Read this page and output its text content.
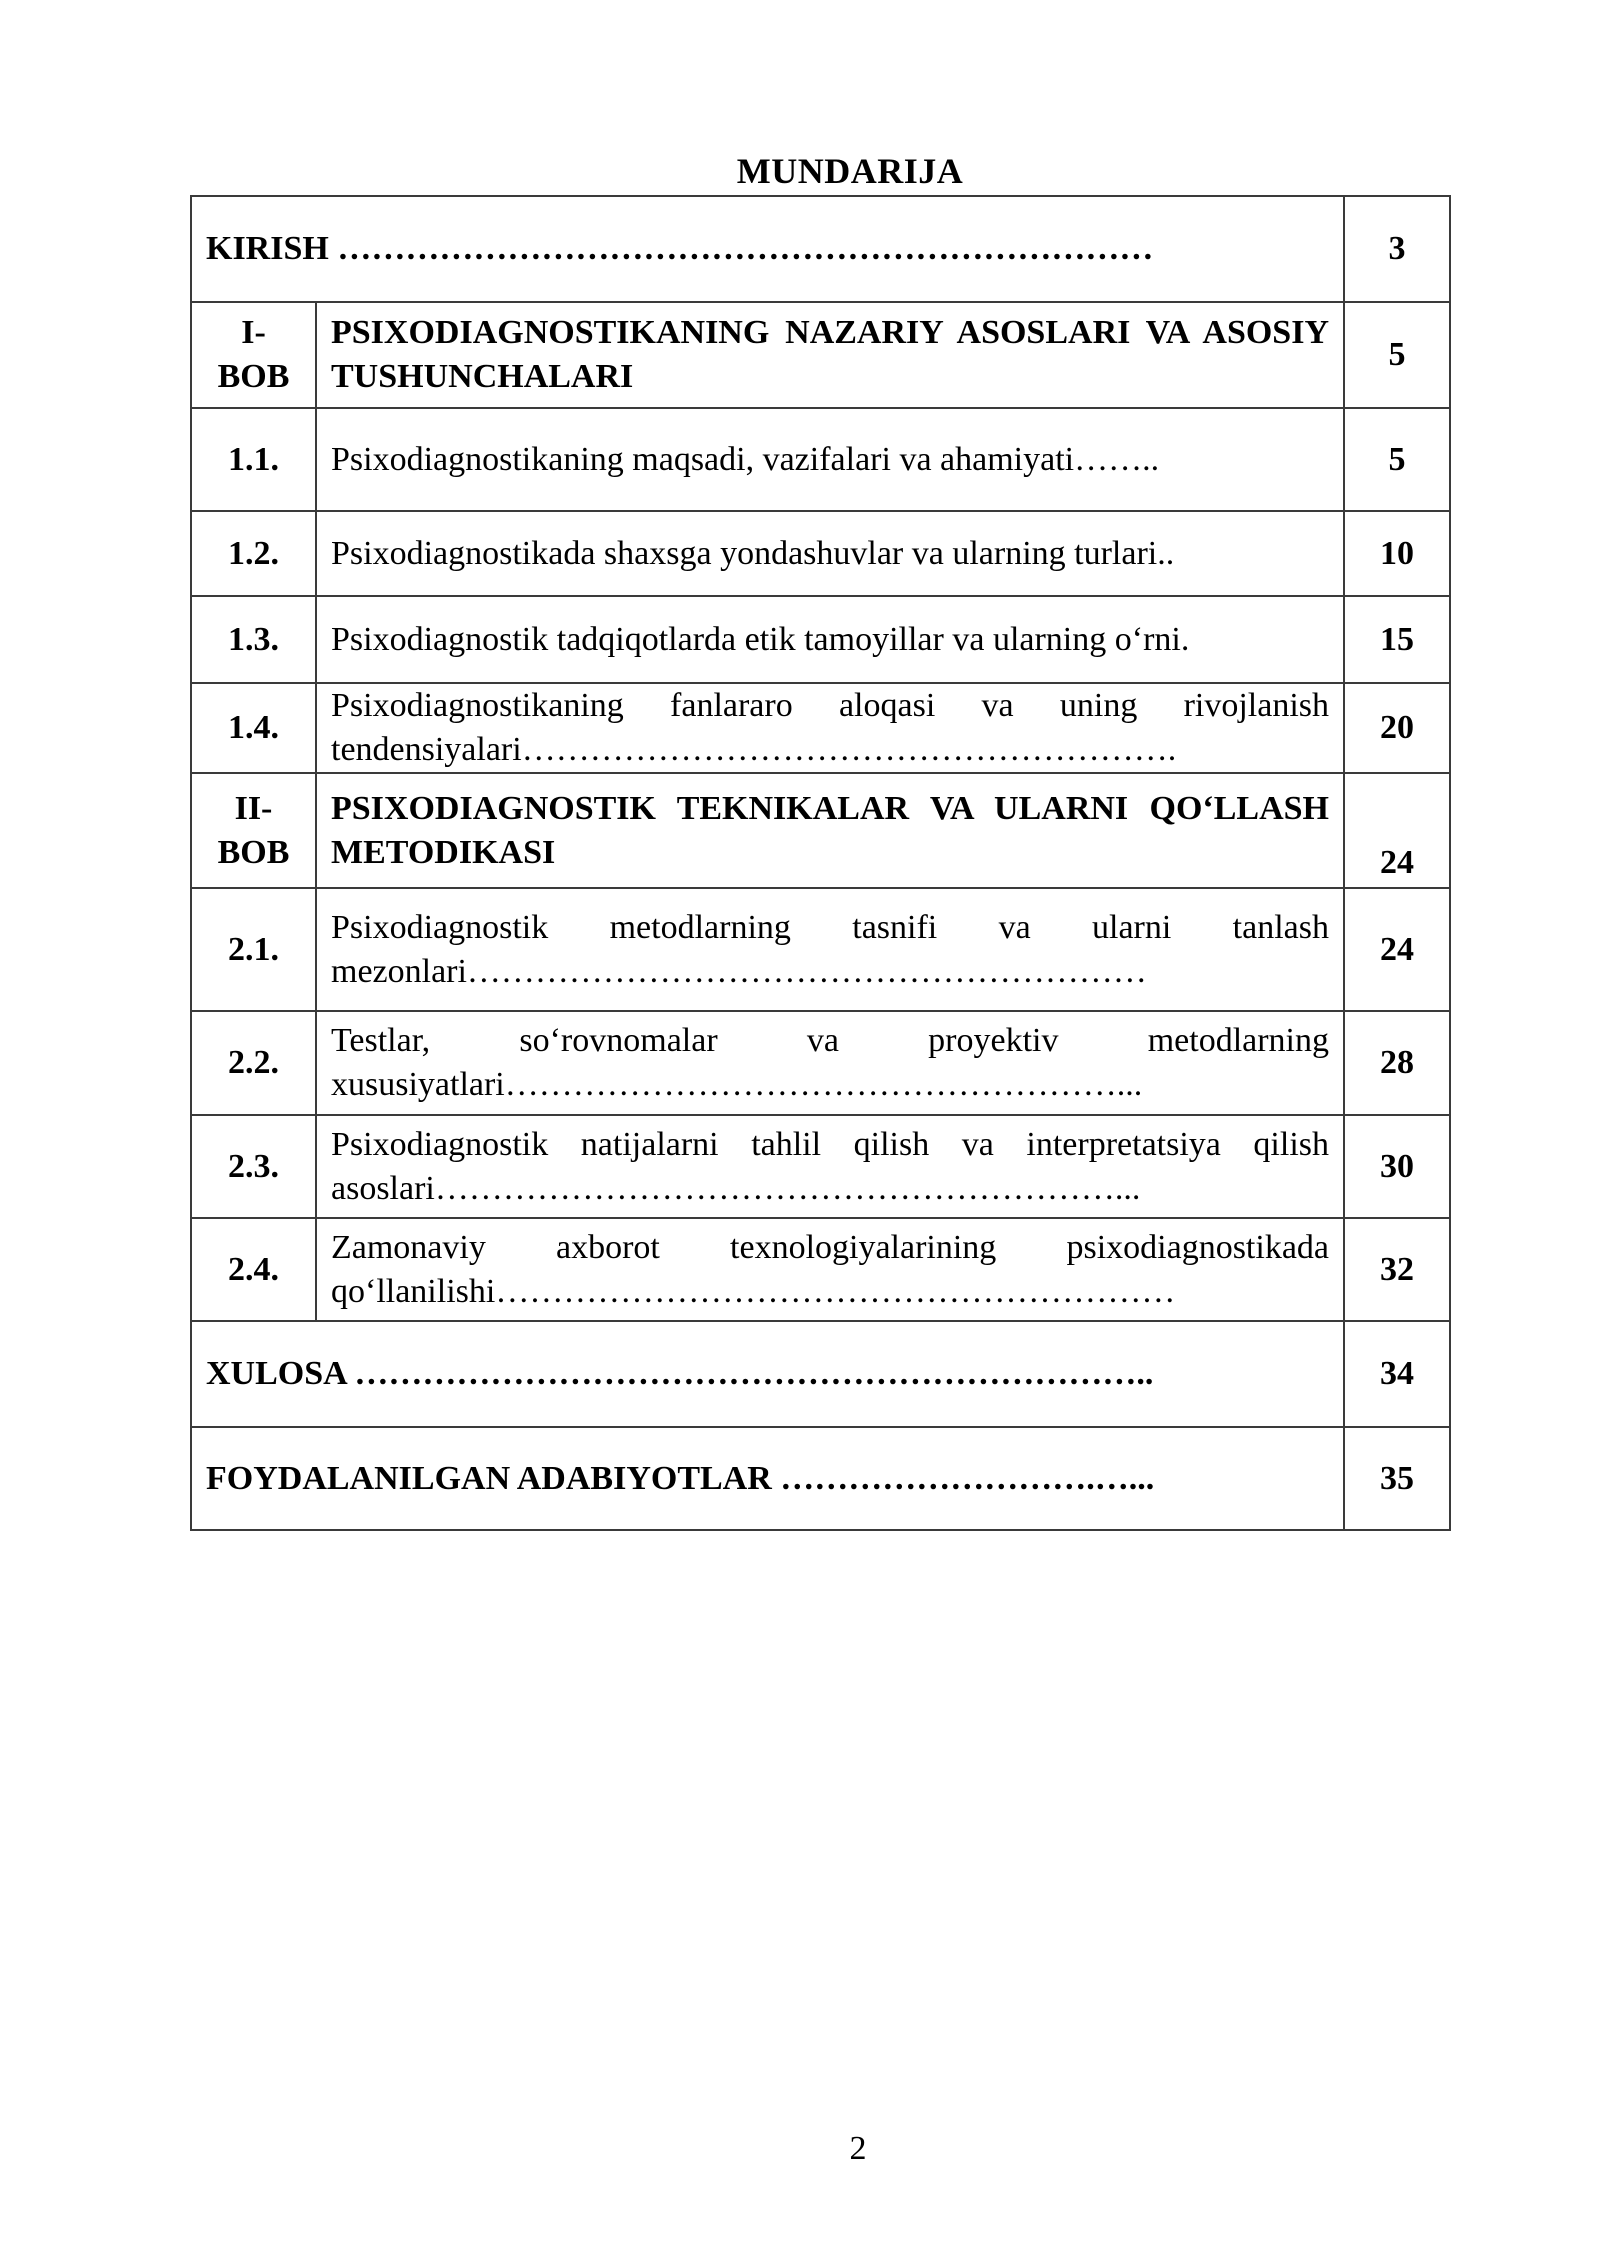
MUNDARIJA
KIRISH ………………………………………………………………		3
I-BOB	PSIXODIAGNOSTIKANING NAZARIY ASOSLARI VA ASOSIY TUSHUNCHALARI	5
1.1.	Psixodiagnostikaning maqsadi, vazifalari va ahamiyati……..	5
1.2.	Psixodiagnostikada shaxsga yondashuvlar va ularning turlari..	10
1.3.	Psixodiagnostik tadqiqotlarda etik tamoyillar va ularning o‘rni.	15
1.4.	Psixodiagnostikaning fanlararo aloqasi va uning rivojlanish tendensiyalari………………………………………………….	20
II-BOB	PSIXODIAGNOSTIK TEKNIKALAR VA ULARNI QO‘LLASH METODIKASI	24
2.1.	Psixodiagnostik metodlarning tasnifi va ularni tanlash mezonlari……………………………………………………	24
2.2.	Testlar, so‘rovnomalar va proyektiv metodlarning xususiyatlari………………………………………………...	28
2.3.	Psixodiagnostik natijalarni tahlil qilish va interpretatsiya qilish asoslari……………………………………………………...	30
2.4.	Zamonaviy axborot texnologiyalarining psixodiagnostikada qo‘llanilishi……………………………………………………	32
XULOSA ……………………………………………………………..		34
FOYDALANILGAN ADABIYOTLAR ……………………….…...		35
2
